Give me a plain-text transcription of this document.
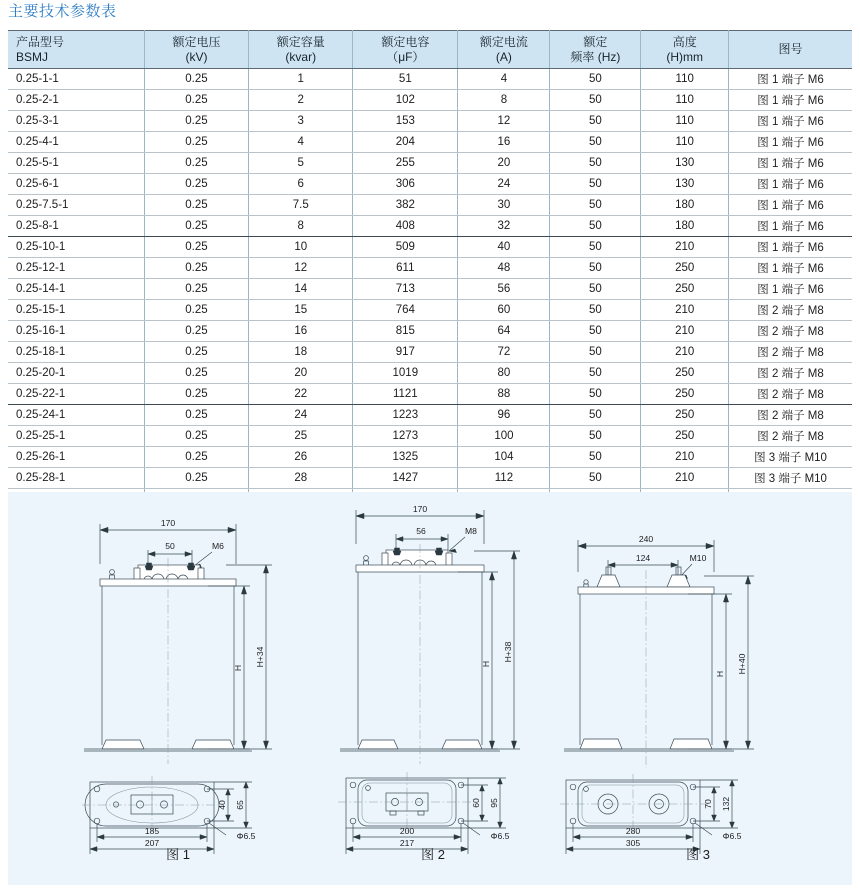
主要技术参数表
产品型号
BSMJ

额定电压
(kV)

额定容量
(kvar)

额定电容
（μF）

额定电流
(A)

额定
频率 (Hz)

高度
(H)mm

图号

0.25-1-1	0.25	1	51	4	50	110	图 1 端子 M6
0.25-2-1	0.25	2	102	8	50	110	图 1 端子 M6
0.25-3-1	0.25	3	153	12	50	110	图 1 端子 M6
0.25-4-1	0.25	4	204	16	50	110	图 1 端子 M6
0.25-5-1	0.25	5	255	20	50	130	图 1 端子 M6
0.25-6-1	0.25	6	306	24	50	130	图 1 端子 M6
0.25-7.5-1	0.25	7.5	382	30	50	180	图 1 端子 M6
0.25-8-1	0.25	8	408	32	50	180	图 1 端子 M6
0.25-10-1	0.25	10	509	40	50	210	图 1 端子 M6
0.25-12-1	0.25	12	611	48	50	250	图 1 端子 M6
0.25-14-1	0.25	14	713	56	50	250	图 1 端子 M6
0.25-15-1	0.25	15	764	60	50	210	图 2 端子 M8
0.25-16-1	0.25	16	815	64	50	210	图 2 端子 M8
0.25-18-1	0.25	18	917	72	50	210	图 2 端子 M8
0.25-20-1	0.25	20	1019	80	50	250	图 2 端子 M8
0.25-22-1	0.25	22	1121	88	50	250	图 2 端子 M8
0.25-24-1	0.25	24	1223	96	50	250	图 2 端子 M8
0.25-25-1	0.25	25	1273	100	50	250	图 2 端子 M8
0.25-26-1	0.25	26	1325	104	50	210	图 3 端子 M10
0.25-28-1	0.25	28	1427	112	50	210	图 3 端子 M10

170
50	M6
H
H+34
40 65
185
207
Φ6.5
图 1
170
56	M8
H
H+38
60 95
200
217
Φ6.5
图 2
240
124	M10
H H+40
70 132
280
305
Φ6.5
图 3
